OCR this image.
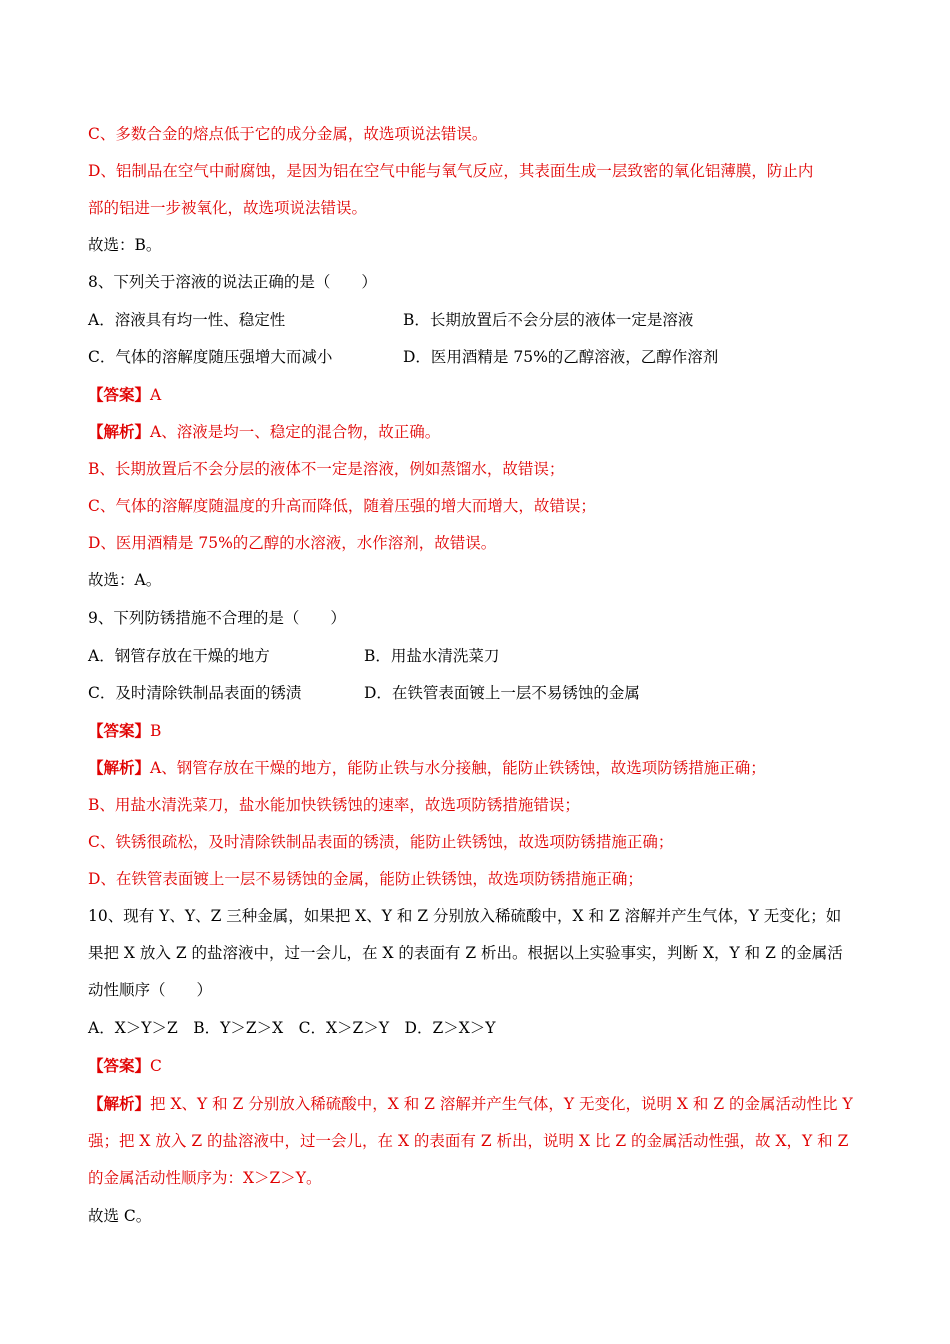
C、多数合金的熔点低于它的成分金属，故选项说法错误。
D、铝制品在空气中耐腐蚀，是因为铝在空气中能与氧气反应，其表面生成一层致密的氧化铝薄膜，防止内
部的铝进一步被氧化，故选项说法错误。
故选：B。
8、下列关于溶液的说法正确的是（　　）
A．溶液具有均一性、稳定性	B．长期放置后不会分层的液体一定是溶液
C．气体的溶解度随压强增大而减小	D．医用酒精是 75%的乙醇溶液，乙醇作溶剂
【答案】A
【解析】A、溶液是均一、稳定的混合物，故正确。
B、长期放置后不会分层的液体不一定是溶液，例如蒸馏水，故错误；
C、气体的溶解度随温度的升高而降低，随着压强的增大而增大，故错误；
D、医用酒精是 75%的乙醇的水溶液，水作溶剂，故错误。
故选：A。
9、下列防锈措施不合理的是（　　）
A．钢管存放在干燥的地方	B．用盐水清洗菜刀
C．及时清除铁制品表面的锈渍	D．在铁管表面镀上一层不易锈蚀的金属
【答案】B
【解析】A、钢管存放在干燥的地方，能防止铁与水分接触，能防止铁锈蚀，故选项防锈措施正确；
B、用盐水清洗菜刀，盐水能加快铁锈蚀的速率，故选项防锈措施错误；
C、铁锈很疏松，及时清除铁制品表面的锈渍，能防止铁锈蚀，故选项防锈措施正确；
D、在铁管表面镀上一层不易锈蚀的金属，能防止铁锈蚀，故选项防锈措施正确；
10、现有 Y、Y、Z 三种金属，如果把 X、Y 和 Z 分别放入稀硫酸中，X 和 Z 溶解并产生气体，Y 无变化；如
果把 X 放入 Z 的盐溶液中，过一会儿，在 X 的表面有 Z 析出。根据以上实验事实，判断 X，Y 和 Z 的金属活
动性顺序（　　）
A．X＞Y＞Z　B．Y＞Z＞X　C．X＞Z＞Y　D．Z＞X＞Y
【答案】C
【解析】把 X、Y 和 Z 分别放入稀硫酸中，X 和 Z 溶解并产生气体，Y 无变化，说明 X 和 Z 的金属活动性比 Y
强；把 X 放入 Z 的盐溶液中，过一会儿，在 X 的表面有 Z 析出，说明 X 比 Z 的金属活动性强，故 X，Y 和 Z
的金属活动性顺序为：X＞Z＞Y。
故选 C。
